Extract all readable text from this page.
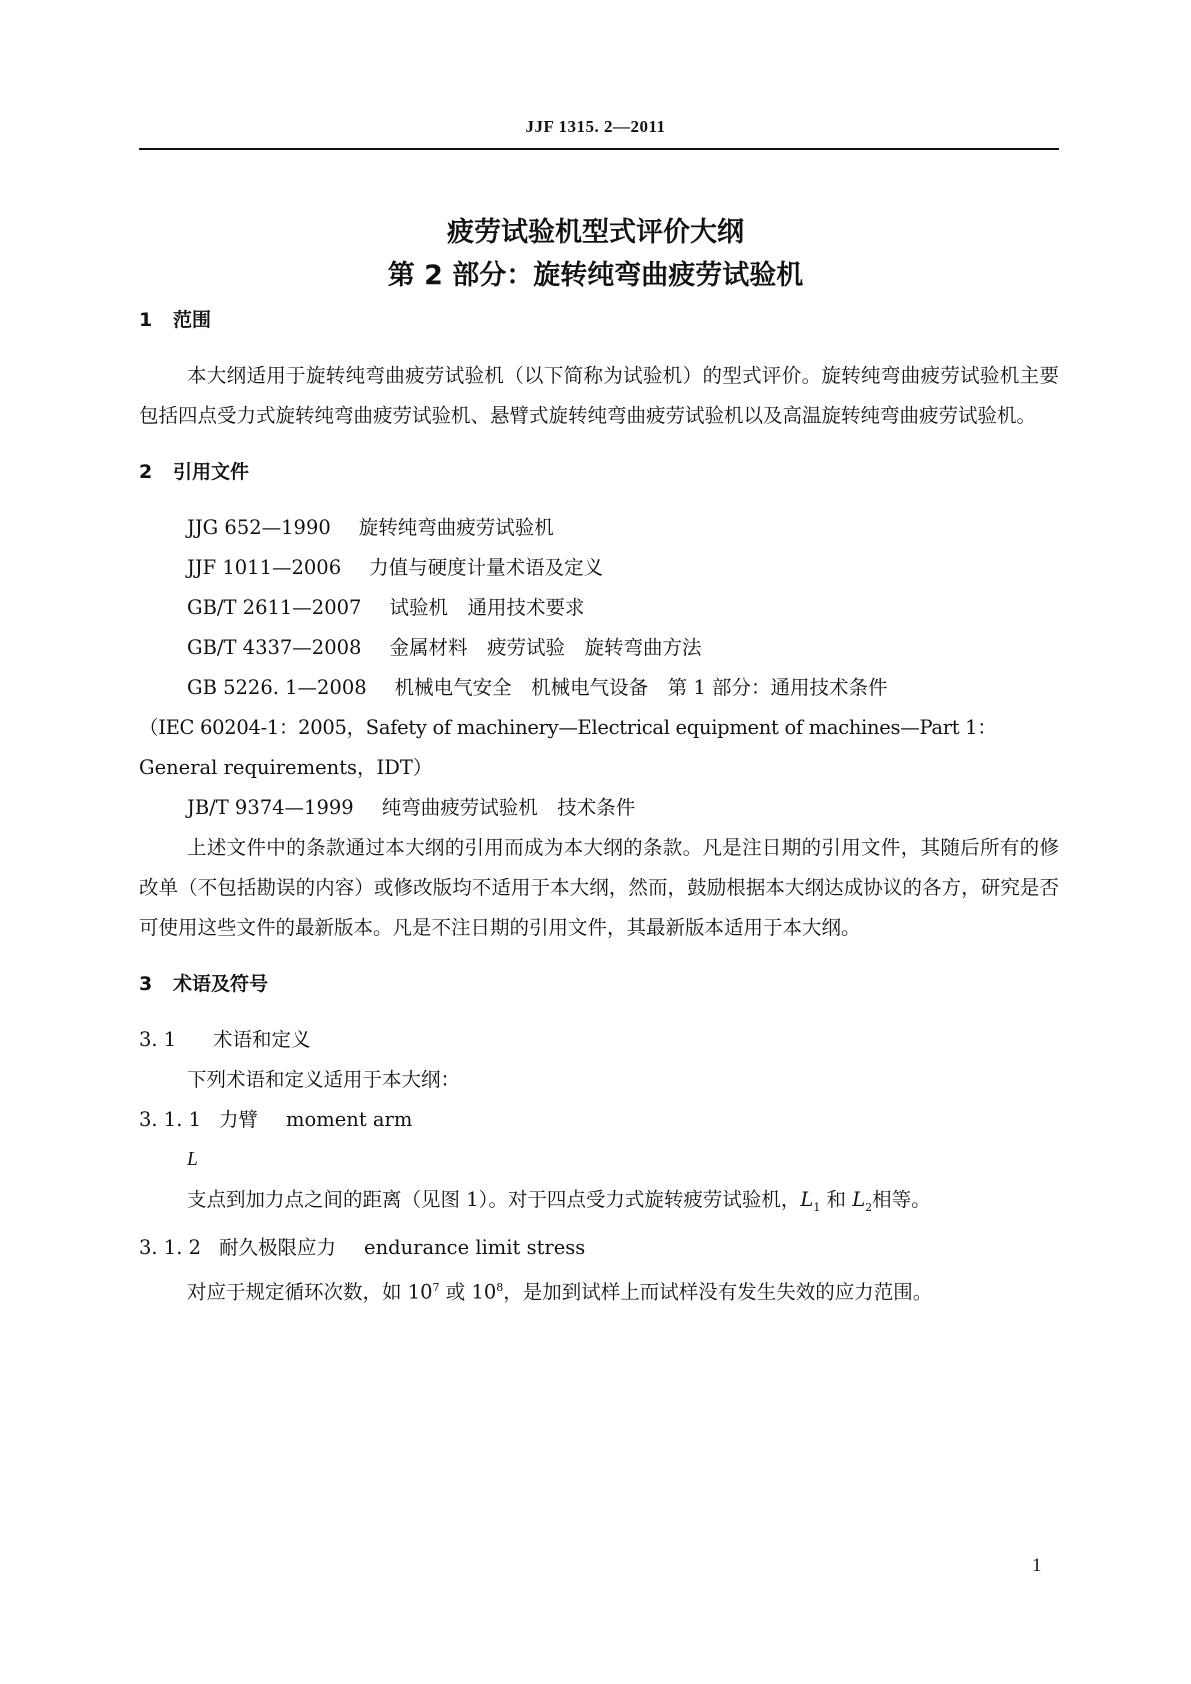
JJF 1315. 2—2011
疲劳试验机型式评价大纲
第 2 部分：旋转纯弯曲疲劳试验机
1 范围

本大纲适用于旋转纯弯曲疲劳试验机（以下简称为试验机）的型式评价。旋转纯弯曲疲劳试验机主要包括四点受力式旋转纯弯曲疲劳试验机、悬臂式旋转纯弯曲疲劳试验机以及高温旋转纯弯曲疲劳试验机。

2 引用文件

JJG 652—1990 旋转纯弯曲疲劳试验机

JJF 1011—2006 力值与硬度计量术语及定义

GB/T 2611—2007 试验机　通用技术要求

GB/T 4337—2008 金属材料　疲劳试验　旋转弯曲方法

GB 5226. 1—2008 机械电气安全　机械电气设备　第 1 部分：通用技术条件

（IEC 60204-1：2005，Safety of machinery—Electrical equipment of machines—Part 1：

General requirements，IDT）

JB/T 9374—1999 纯弯曲疲劳试验机　技术条件

上述文件中的条款通过本大纲的引用而成为本大纲的条款。凡是注日期的引用文件，其随后所有的修改单（不包括勘误的内容）或修改版均不适用于本大纲，然而，鼓励根据本大纲达成协议的各方，研究是否可使用这些文件的最新版本。凡是不注日期的引用文件，其最新版本适用于本大纲。

3 术语及符号

3. 1 术语和定义

下列术语和定义适用于本大纲：

3. 1. 1 力臂 moment arm

L

支点到加力点之间的距离（见图 1）。对于四点受力式旋转疲劳试验机，$L_1$ 和 $L_2$相等。

3. 1. 2 耐久极限应力 endurance limit stress

对应于规定循环次数，如 $10^7$ 或 $10^8$，是加到试样上而试样没有发生失效的应力范围。

1
